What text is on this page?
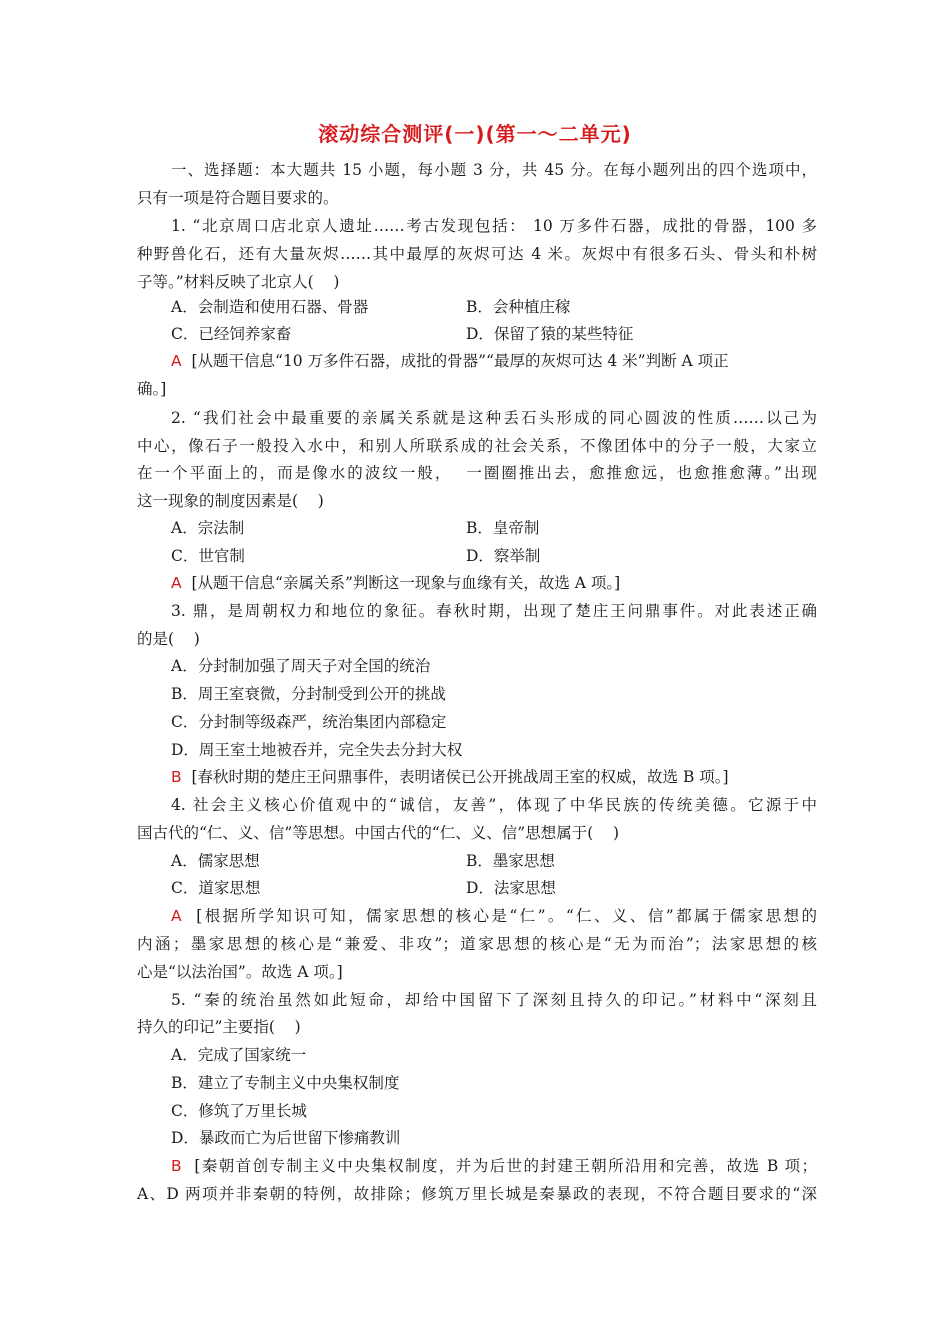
滚动综合测评(一)(第一～二单元)
一、选择题：本大题共 15 小题，每小题 3 分，共 45 分。在每小题列出的四个选项中，
只有一项是符合题目要求的。
1. “北京周口店北京人遗址……考古发现包括： 10 万多件石器，成批的骨器，100 多
种野兽化石，还有大量灰烬……其中最厚的灰烬可达 4 米。灰烬中有很多石头、骨头和朴树
子等。”材料反映了北京人(    )
A．会制造和使用石器、骨器	B．会种植庄稼
C．已经饲养家畜	D．保留了猿的某些特征
A [从题干信息“10 万多件石器，成批的骨器”“最厚的灰烬可达 4 米”判断 A 项正
确。]
2. “我们社会中最重要的亲属关系就是这种丢石头形成的同心圆波的性质……以己为
中心，像石子一般投入水中，和别人所联系成的社会关系，不像团体中的分子一般，大家立
在一个平面上的，而是像水的波纹一般，  一圈圈推出去，愈推愈远，也愈推愈薄。”出现
这一现象的制度因素是(    )
A．宗法制	B．皇帝制
C．世官制	D．察举制
A [从题干信息“亲属关系”判断这一现象与血缘有关，故选 A 项。]
3. 鼎，是周朝权力和地位的象征。春秋时期，出现了楚庄王问鼎事件。对此表述正确
的是(    )
A．分封制加强了周天子对全国的统治
B．周王室衰微，分封制受到公开的挑战
C．分封制等级森严，统治集团内部稳定
D．周王室土地被吞并，完全失去分封大权
B [春秋时期的楚庄王问鼎事件，表明诸侯已公开挑战周王室的权威，故选 B 项。]
4. 社会主义核心价值观中的“诚信，友善”，体现了中华民族的传统美德。它源于中
国古代的“仁、义、信”等思想。中国古代的“仁、义、信”思想属于(    )
A．儒家思想	B．墨家思想
C．道家思想	D．法家思想
A [根据所学知识可知，儒家思想的核心是“仁”。“仁、义、信”都属于儒家思想的
内涵；墨家思想的核心是“兼爱、非攻”；道家思想的核心是“无为而治”；法家思想的核
心是“以法治国”。故选 A 项。]
5. “秦的统治虽然如此短命，却给中国留下了深刻且持久的印记。”材料中“深刻且
持久的印记”主要指(    )
A．完成了国家统一
B．建立了专制主义中央集权制度
C．修筑了万里长城
D．暴政而亡为后世留下惨痛教训
B [秦朝首创专制主义中央集权制度，并为后世的封建王朝所沿用和完善，故选 B 项；
A、D 两项并非秦朝的特例，故排除；修筑万里长城是秦暴政的表现，不符合题目要求的“深
